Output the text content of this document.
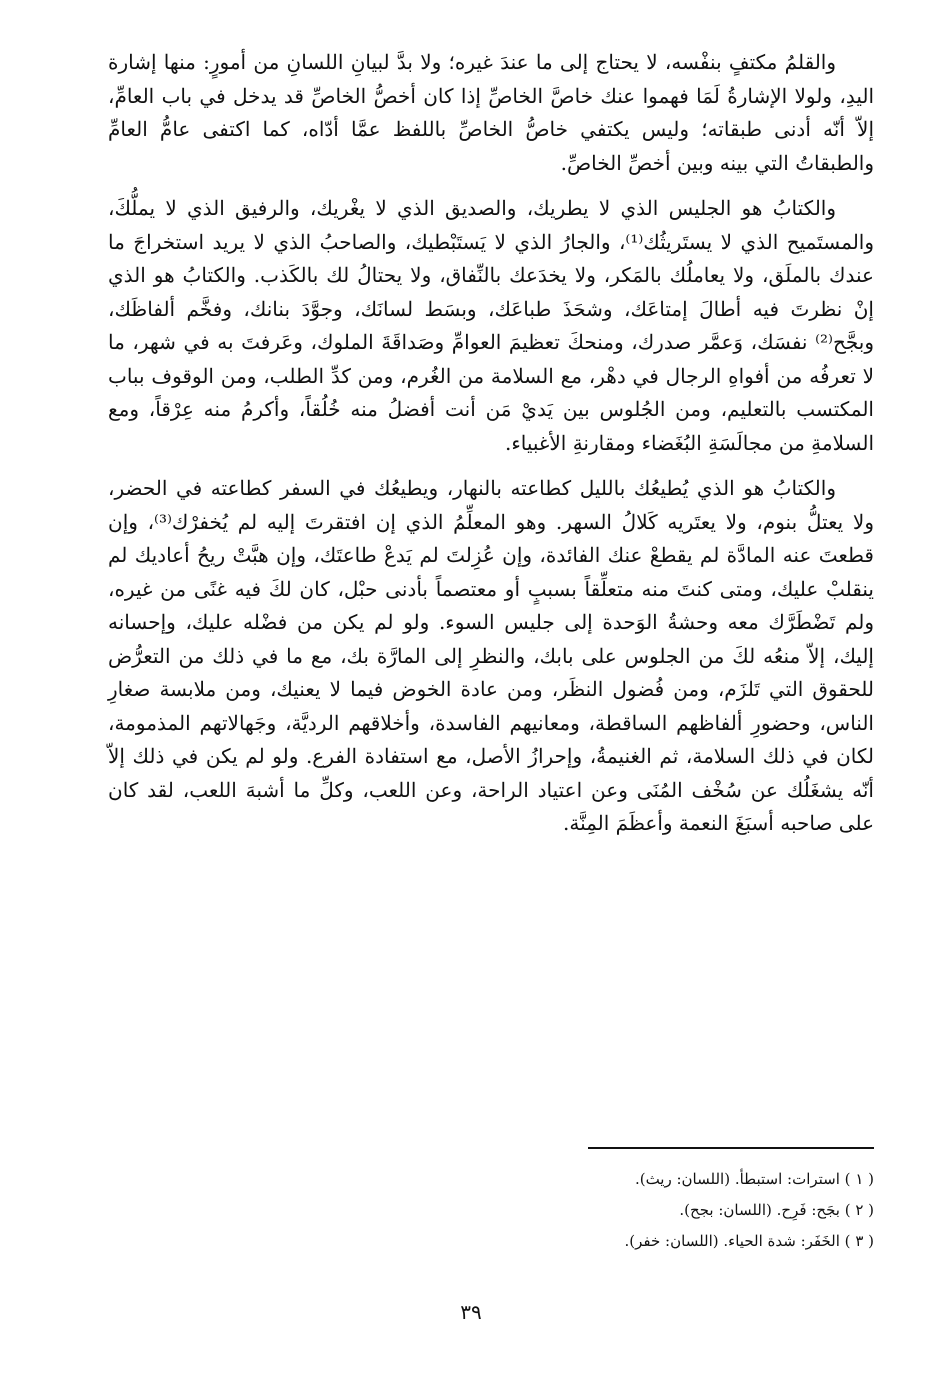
والقلمُ مكتفٍ بنفْسه، لا يحتاج إلى ما عندَ غيره؛ ولا بدَّ لبيانِ اللسانِ من أمورٍ: منها إشارة اليدِ، ولولا الإشارةُ لَمَا فهموا عنك خاصَّ الخاصِّ إذا كان أخصُّ الخاصِّ قد يدخل في باب العامِّ، إلاّ أنّه أدنى طبقاته؛ وليس يكتفي خاصُّ الخاصِّ باللفظ عمَّا أدّاه، كما اكتفى عامُّ العامِّ والطبقاتُ التي بينه وبين أخصِّ الخاصِّ.

والكتابُ هو الجليس الذي لا يطريك، والصديق الذي لا يغْريك، والرفيق الذي لا يملُّكَ، والمستَميح الذي لا يستَريثُك⁽¹⁾، والجارُ الذي لا يَستَبْطيك، والصاحبُ الذي لا يريد استخراجَ ما عندك بالملَق، ولا يعاملُك بالمَكر، ولا يخدَعك بالنِّفاق، ولا يحتالُ لك بالكَذب. والكتابُ هو الذي إنْ نظرتَ فيه أطالَ إمتاعَك، وشحَذَ طباعَك، وبسَط لسانَك، وجوَّدَ بنانك، وفخَّم ألفاظَك، وبجَّح⁽²⁾ نفسَك، وَعمَّر صدرك، ومنحكَ تعظيمَ العوامِّ وصَداقَةَ الملوك، وعَرفتَ به في شهر، ما لا تعرفُه من أفواهِ الرجال في دهْر، مع السلامة من الغُرم، ومن كدِّ الطلب، ومن الوقوف بباب المكتسب بالتعليم، ومن الجُلوس بين يَديْ مَن أنت أفضلُ منه خُلُقاً، وأكرمُ منه عِرْقاً، ومع السلامةِ من مجالَسَةِ البُغَضاء ومقارنةِ الأغبياء.

والكتابُ هو الذي يُطيعُك بالليل كطاعته بالنهار، ويطيعُك في السفر كطاعته في الحضر، ولا يعتلُّ بنوم، ولا يعتَريه كَلالُ السهر. وهو المعلِّمُ الذي إن افتقرتَ إليه لم يُخفرْك⁽³⁾، وإن قطعتَ عنه المادَّة لم يقطعْ عنك الفائدة، وإن عُزِلتَ لم يَدعْ طاعتَك، وإن هبَّتْ ريحُ أعاديك لم ينقلبْ عليك، ومتى كنتَ منه متعلِّقاً بسببٍ أو معتصماً بأدنى حبْل، كان لكَ فيه غنًى من غيره، ولم تَضْطَرَّك معه وحشةُ الوَحدة إلى جليس السوء. ولو لم يكن من فضْله عليك، وإحسانه إليك، إلاّ منعُه لكَ من الجلوس على بابك، والنظرِ إلى المارَّة بك، مع ما في ذلك من التعرُّض للحقوق التي تَلزَم، ومن فُضول النظَر، ومن عادة الخوض فيما لا يعنيك، ومن ملابسة صغارِ الناس، وحضورِ ألفاظهم الساقطة، ومعانيهم الفاسدة، وأخلاقهم الرديَّة، وجَهالاتهم المذمومة، لكان في ذلك السلامة، ثم الغنيمةُ، وإحرازُ الأصل، مع استفادة الفرع. ولو لم يكن في ذلك إلاّ أنّه يشغَلُك عن سُخْف المُنَى وعن اعتياد الراحة، وعن اللعب، وكلِّ ما أشبهَ اللعب، لقد كان على صاحبه أسبَغَ النعمة وأعظَمَ المِنَّة.

( ١ ) استرات: استبطأ. (اللسان: ريث).

( ٢ ) بجَح: فَرِح. (اللسان: بجح).

( ٣ ) الخَفَر: شدة الحياء. (اللسان: خفر).

٣٩
